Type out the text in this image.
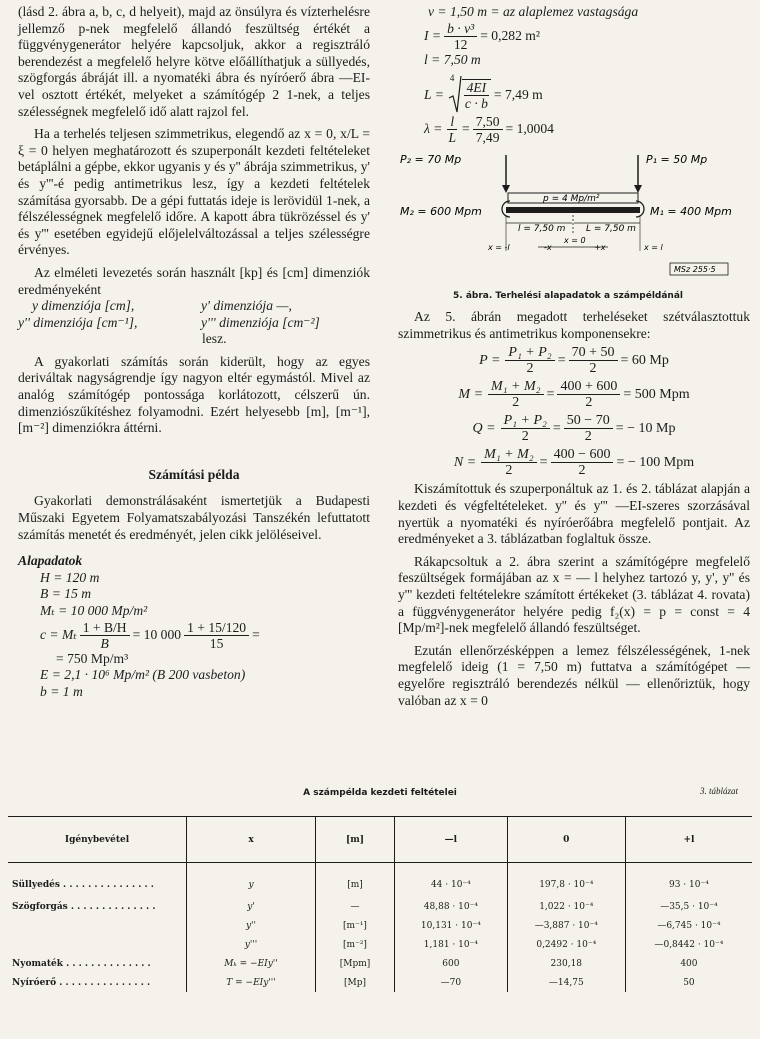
(lásd 2. ábra a, b, c, d helyeit), majd az önsúlyra és vízterhelésre jellemző p-nek megfelelő állandó feszültség értékét a függvénygenerátor helyére kapcsoljuk, akkor a regisztráló berendezést a megfelelő helyre kötve előállíthatjuk a süllyedés, szögforgás ábráját ill. a nyomatéki ábra és nyíróerő ábra —EI-vel osztott értékét, melyeket a számítógép 2 1-nek, a teljes szélességnek megfelelő idő alatt rajzol fel.

Ha a terhelés teljesen szimmetrikus, elegendő az x = 0, x/L = ξ = 0 helyen meghatározott és szuperponált kezdeti feltételeket betáplálni a gépbe, ekkor ugyanis y és y'' ábrája szimmetrikus, y' és y'''-é pedig antimetrikus lesz, így a kezdeti feltételek számítása gyorsabb. De a gépi futtatás ideje is lerövidül 1-nek, a félszélességnek megfelelő időre. A kapott ábra tükrözéssel és y' és y''' esetében egyidejű előjelelváltozással a teljes szélességre érvényes.

Az elméleti levezetés során használt [kp] és [cm] dimenziók eredményeként

y dimenziója [cm],	y' dimenziója —,
y'' dimenziója [cm⁻¹],	y''' dimenziója [cm⁻²]
lesz.

A gyakorlati számítás során kiderült, hogy az egyes deriváltak nagyságrendje így nagyon eltér egymástól. Mivel az analóg számítógép pontossága korlátozott, célszerű ún. dimenziószűkítéshez folyamodni. Ezért helyesebb [m], [m⁻¹], [m⁻²] dimenziókra áttérni.

Számítási példa

Gyakorlati demonstrálásaként ismertetjük a Budapesti Műszaki Egyetem Folyamatszabályozási Tanszékén lefuttatott számítás menetét és eredményét, jelen cikk jelöléseivel.

Alapadatok

H = 120 m
B = 15 m
Mₜ = 10 000 Mp/m²
c = Mₜ $\frac{1 + B/H}{B} = 10$ $000 \frac{1 + 15/120}{15}$ =
= 750 Mp/m³
E = 2,1 · 10⁶ Mp/m² (B 200 vasbeton)
b = 1 m
v = 1,50 m = az alaplemez vastagsága
$I = \frac{\text{b · v³}}{12} = 0,282$ m²
l = 7,50 m
L =
4
$\frac{4EI}{c \cdot b} = 7,49$ m
$\lambda = \frac{l}{L} = \frac{7,50}{7,49} = 1,0004$
P₂ = 70 Mp	P₁ = 50 Mp
p = 4 Mp/m²
M₂ = 600 Mpm	M₁ = 400 Mpm
l = 7,50 m L = 7,50 m
x = 0
x = -l	-x	+x	x = l
MSz 255·5
5. ábra. Terhelési alapadatok a számpéldánál

Az 5. ábrán megadott terheléseket szétválasztottuk szimmetrikus és antimetrikus komponensekre:

$P = \frac{\text{P₁ + P₂}}{2} = \frac{70 + 50}{2} = 60$ Mp
$M = \frac{\text{M₁ + M₂}}{2} = \frac{400 + 600}{2} = 500$ Mpm
$Q = \frac{\text{P₁ + P₂}}{2} = \frac{50 - 70}{2}$ = − 10 Mp
$N = \frac{\text{M₁ + M₂}}{2} = \frac{400 - 600}{2}$ = − 100 Mpm

Kiszámítottuk és szuperponáltuk az 1. és 2. táblázat alapján a kezdeti és végfeltételeket. y'' és y''' —EI-szeres szorzásával nyertük a nyomatéki és nyíróerőábra megfelelő pontjait. Az eredményeket a 3. táblázatban foglaltuk össze.

Rákapcsoltuk a 2. ábra szerint a számítógépre megfelelő feszültségek formájában az x = — l helyhez tartozó y, y', y'' és y''' kezdeti feltételekre számított értékeket (3. táblázat 4. rovata) a függvénygenerátor helyére pedig f₂(x) = p = const = 4 [Mp/m²]-nek megfelelő állandó feszültséget.

Ezután ellenőrzésképpen a lemez félszélességének, 1-nek megfelelő ideig (1 = 7,50 m) futtatva a számítógépet — egyelőre regisztráló berendezés nélkül — ellenőriztük, hogy valóban az x = 0

3. táblázat
A számpélda kezdeti feltételei
Igénybevétel	x	[m]	—l	0	+l
Süllyedés . . . . . . . . . . . . . . .	y	[m]	44 · 10⁻⁴	197,8 · 10⁻⁴	93 · 10⁻⁴
Szögforgás . . . . . . . . . . . . . .	y'	—	48,88 · 10⁻⁴	1,022 · 10⁻⁴	—35,5 · 10⁻⁴
	y''	[m⁻¹]	10,131 · 10⁻⁴	—3,887 · 10⁻⁴	—6,745 · 10⁻⁴
	y'''	[m⁻²]	1,181 · 10⁻⁴	0,2492 · 10⁻⁴	—0,8442 · 10⁻⁴
Nyomaték . . . . . . . . . . . . . .	Mₖ = −EIy''	[Mpm]	600	230,18	400
Nyíróerő . . . . . . . . . . . . . . .	T = −EIy'''	[Mp]	—70	—14,75	50
